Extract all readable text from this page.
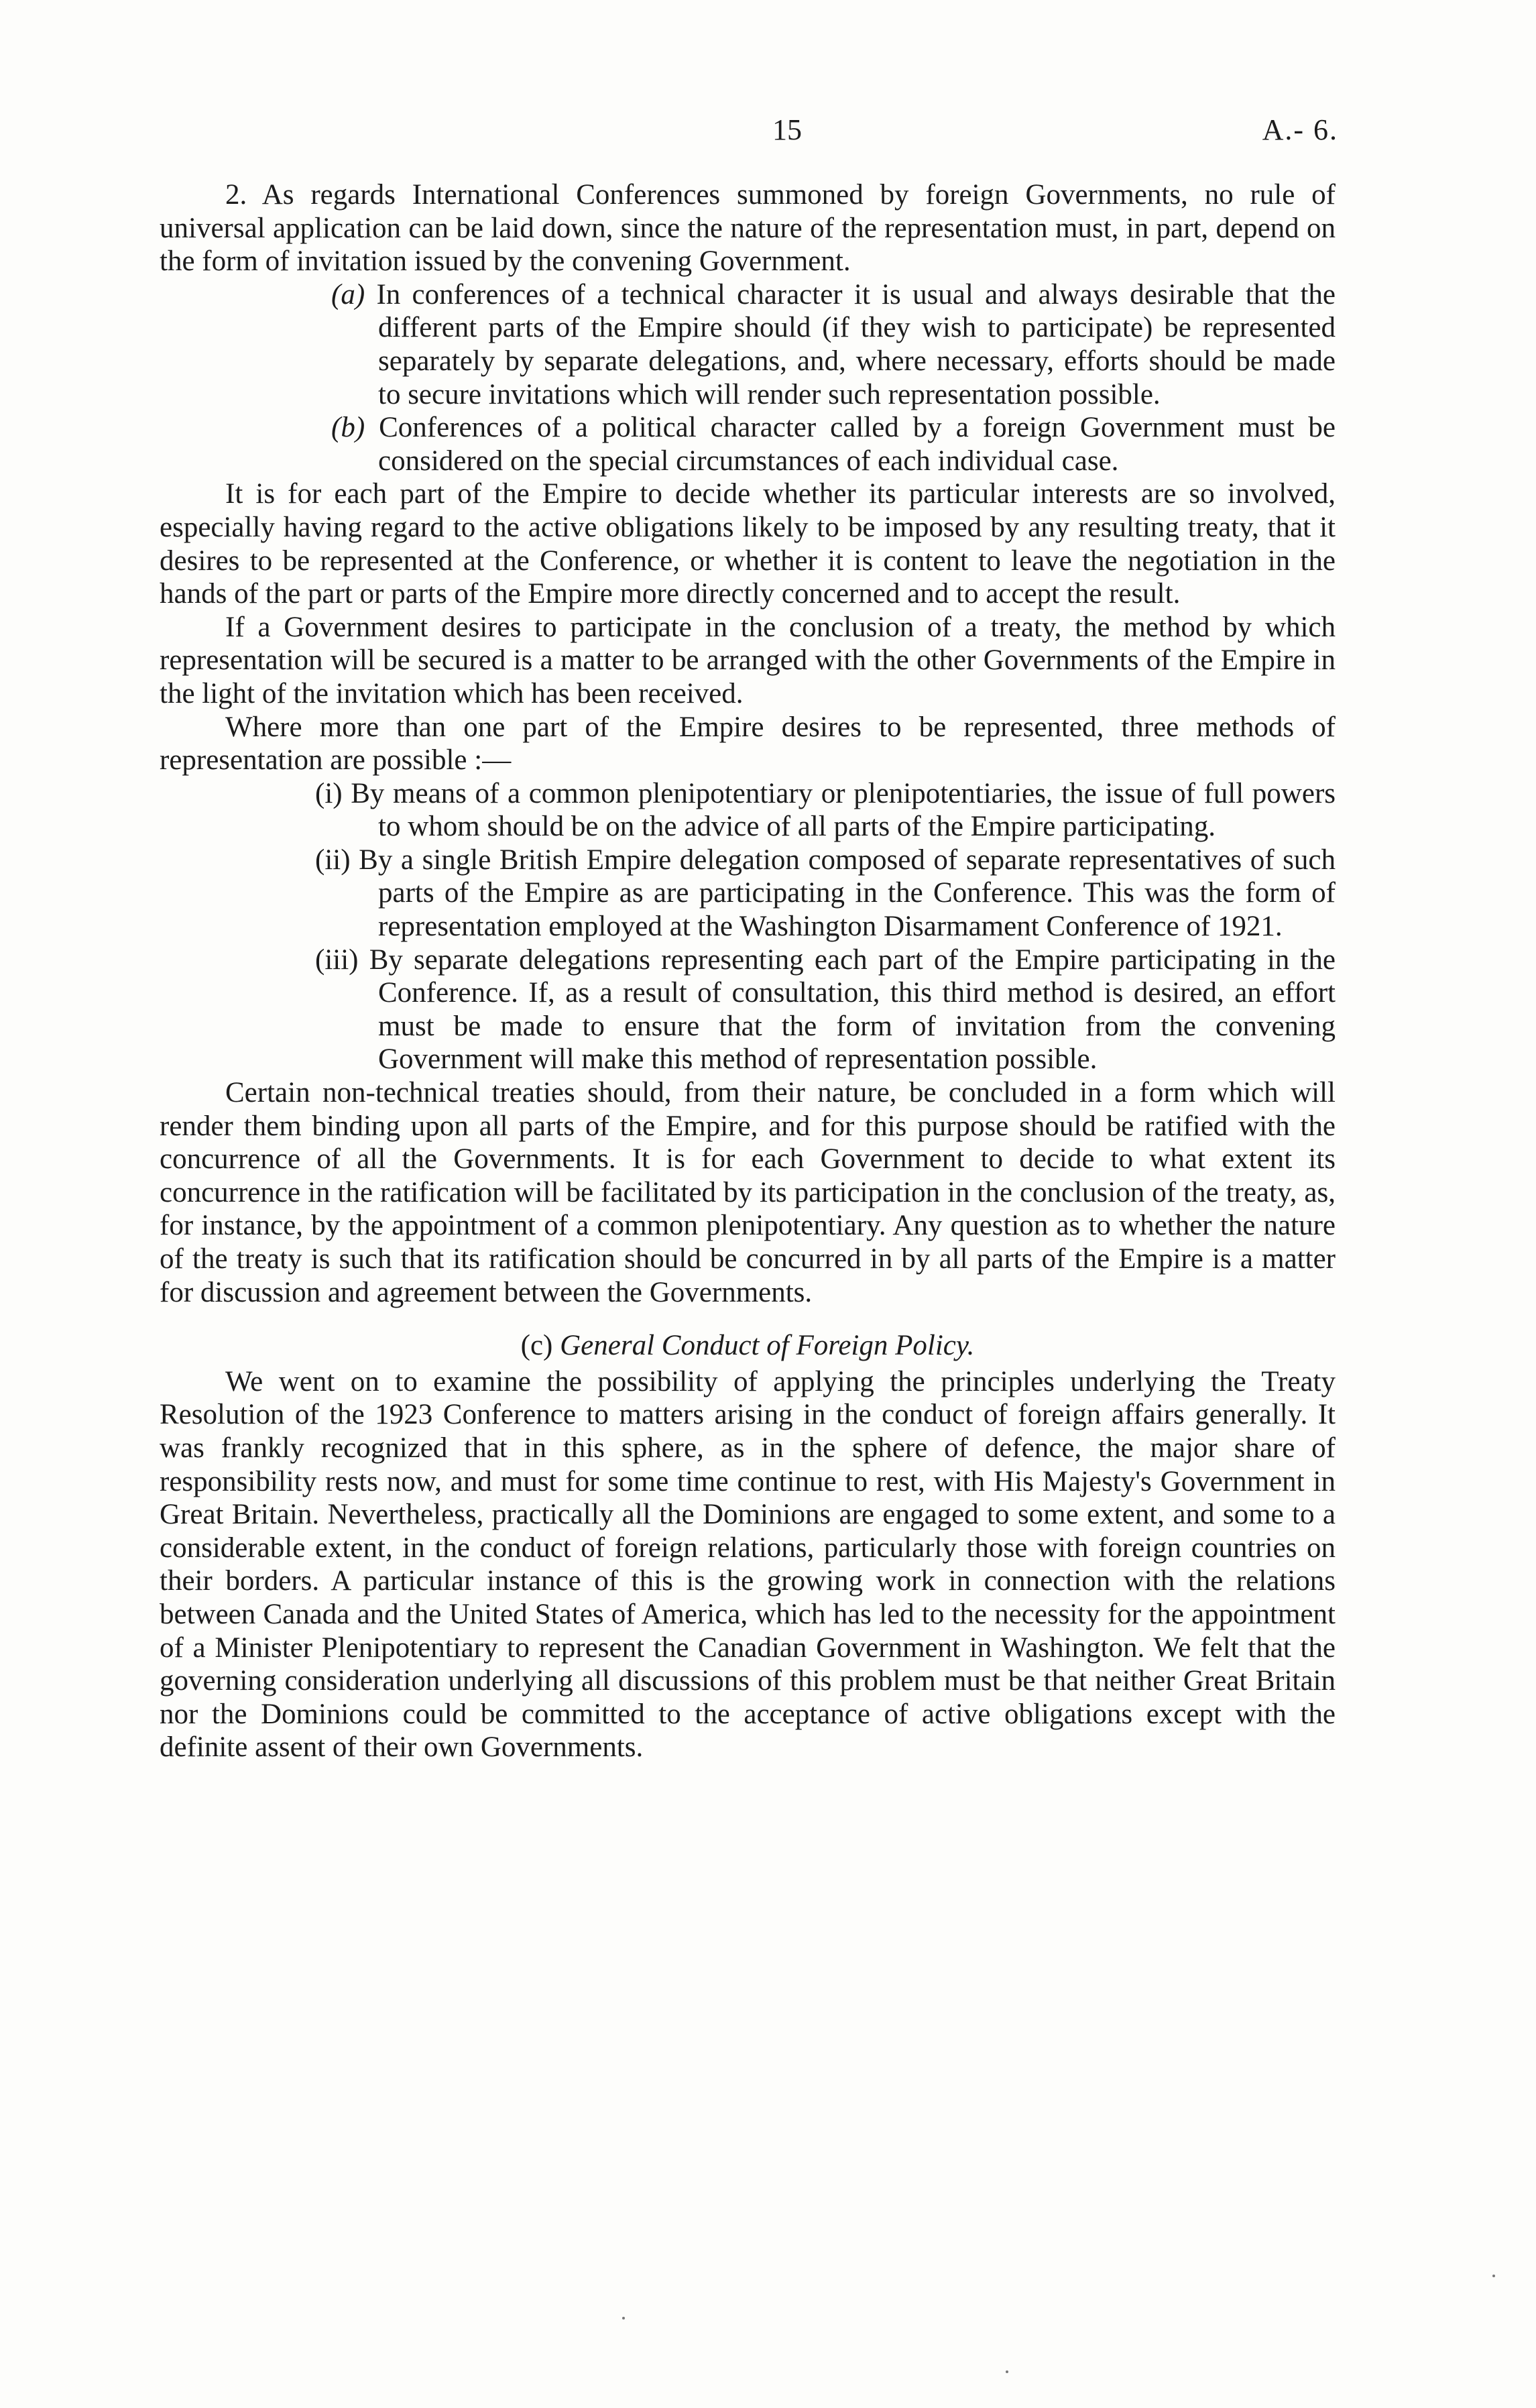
15	A.- 6.

2. As regards International Conferences summoned by foreign Governments, no rule of universal application can be laid down, since the nature of the representation must, in part, depend on the form of invitation issued by the convening Government.

(a) In conferences of a technical character it is usual and always desirable that the different parts of the Empire should (if they wish to participate) be represented separately by separate delegations, and, where necessary, efforts should be made to secure invitations which will render such representation possible.

(b) Conferences of a political character called by a foreign Government must be considered on the special circumstances of each individual case.

It is for each part of the Empire to decide whether its particular interests are so involved, especially having regard to the active obligations likely to be imposed by any resulting treaty, that it desires to be represented at the Conference, or whether it is content to leave the negotiation in the hands of the part or parts of the Empire more directly concerned and to accept the result.

If a Government desires to participate in the conclusion of a treaty, the method by which representation will be secured is a matter to be arranged with the other Governments of the Empire in the light of the invitation which has been received.

Where more than one part of the Empire desires to be represented, three methods of representation are possible :—

(i) By means of a common plenipotentiary or plenipotentiaries, the issue of full powers to whom should be on the advice of all parts of the Empire participating.

(ii) By a single British Empire delegation composed of separate representatives of such parts of the Empire as are participating in the Conference. This was the form of representation employed at the Washington Disarmament Conference of 1921.

(iii) By separate delegations representing each part of the Empire participating in the Conference. If, as a result of consultation, this third method is desired, an effort must be made to ensure that the form of invitation from the convening Government will make this method of representation possible.

Certain non-technical treaties should, from their nature, be concluded in a form which will render them binding upon all parts of the Empire, and for this purpose should be ratified with the concurrence of all the Governments. It is for each Government to decide to what extent its concurrence in the ratification will be facilitated by its participation in the conclusion of the treaty, as, for instance, by the appointment of a common plenipotentiary. Any question as to whether the nature of the treaty is such that its ratification should be concurred in by all parts of the Empire is a matter for discussion and agreement between the Governments.

(c) General Conduct of Foreign Policy.

We went on to examine the possibility of applying the principles underlying the Treaty Resolution of the 1923 Conference to matters arising in the conduct of foreign affairs generally. It was frankly recognized that in this sphere, as in the sphere of defence, the major share of responsibility rests now, and must for some time continue to rest, with His Majesty's Government in Great Britain. Nevertheless, practically all the Dominions are engaged to some extent, and some to a considerable extent, in the conduct of foreign relations, particularly those with foreign countries on their borders. A particular instance of this is the growing work in connection with the relations between Canada and the United States of America, which has led to the necessity for the appointment of a Minister Plenipotentiary to represent the Canadian Government in Washington. We felt that the governing consideration underlying all discussions of this problem must be that neither Great Britain nor the Dominions could be committed to the acceptance of active obligations except with the definite assent of their own Governments.
